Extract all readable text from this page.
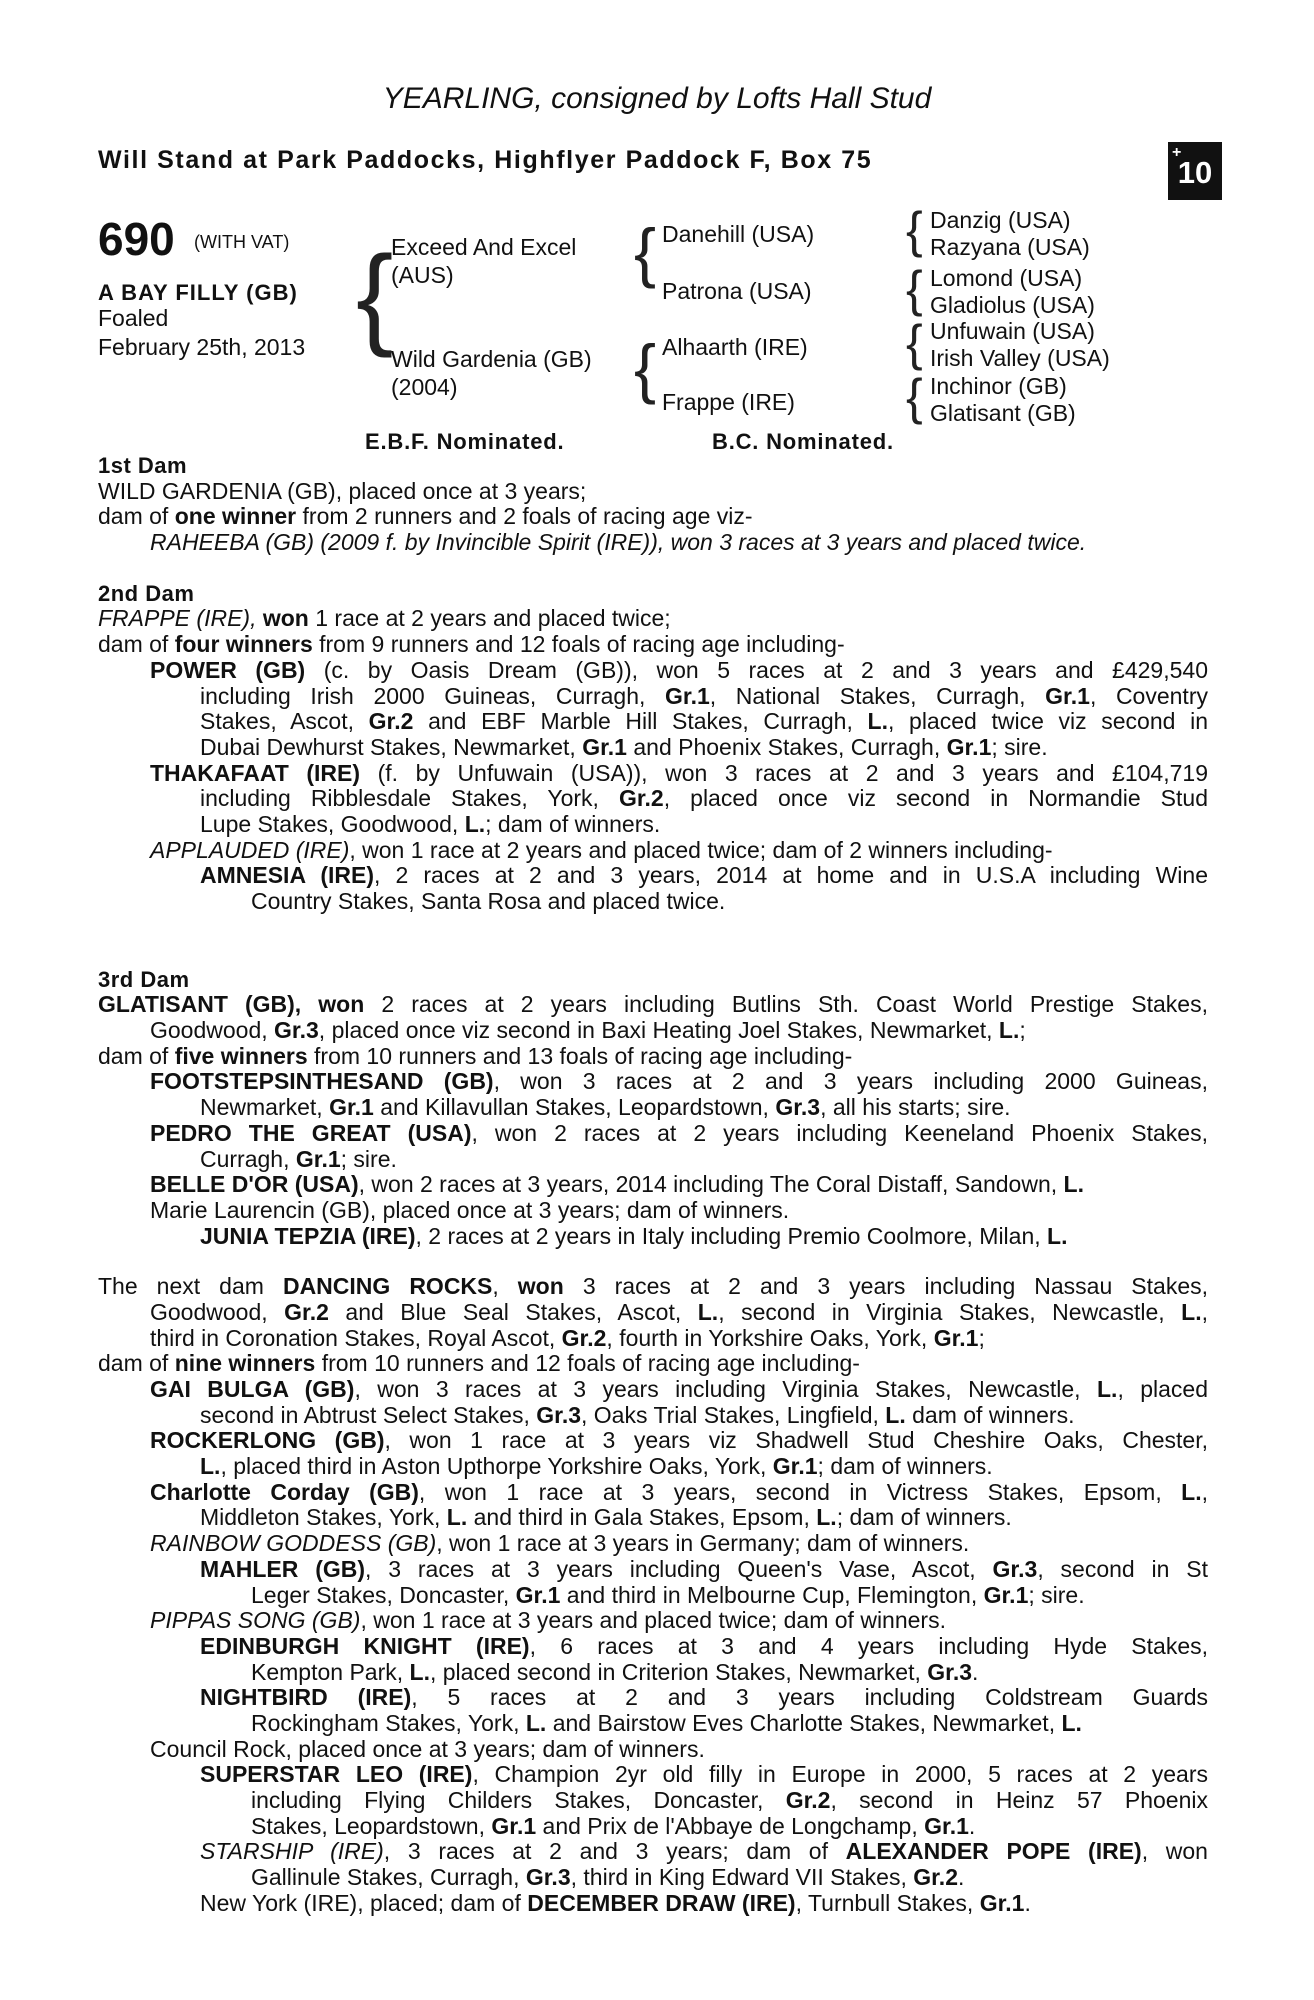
YEARLING, consigned by Lofts Hall Stud
Will Stand at Park Paddocks, Highflyer Paddock F, Box 75	+
10
690 (WITH VAT)
A BAY FILLY (GB)
Foaled
February 25th, 2013 {
Exceed And Excel
(AUS)
Wild Gardenia (GB)
(2004)
{ Danehill (USA)
Patrona (USA)
{ Alhaarth (IRE)
Frappe (IRE)
{ Danzig (USA)
Razyana (USA)
{ Lomond (USA)
Gladiolus (USA)
{ Unfuwain (USA)
Irish Valley (USA)
{ Inchinor (GB)
Glatisant (GB)
E.B.F. Nominated.	B.C. Nominated.
1st Dam
WILD GARDENIA (GB), placed once at 3 years;
dam of one winner from 2 runners and 2 foals of racing age viz-
RAHEEBA (GB) (2009 f. by Invincible Spirit (IRE)), won 3 races at 3 years and placed twice.
2nd Dam
FRAPPE (IRE), won 1 race at 2 years and placed twice;
dam of four winners from 9 runners and 12 foals of racing age including-
POWER (GB) (c. by Oasis Dream (GB)), won 5 races at 2 and 3 years and £429,540
including Irish 2000 Guineas, Curragh, Gr.1, National Stakes, Curragh, Gr.1, Coventry
Stakes, Ascot, Gr.2 and EBF Marble Hill Stakes, Curragh, L., placed twice viz second in
Dubai Dewhurst Stakes, Newmarket, Gr.1 and Phoenix Stakes, Curragh, Gr.1; sire.
THAKAFAAT (IRE) (f. by Unfuwain (USA)), won 3 races at 2 and 3 years and £104,719
including Ribblesdale Stakes, York, Gr.2, placed once viz second in Normandie Stud
Lupe Stakes, Goodwood, L.; dam of winners.
APPLAUDED (IRE), won 1 race at 2 years and placed twice; dam of 2 winners including-
AMNESIA (IRE), 2 races at 2 and 3 years, 2014 at home and in U.S.A including Wine
Country Stakes, Santa Rosa and placed twice.
3rd Dam
GLATISANT (GB), won 2 races at 2 years including Butlins Sth. Coast World Prestige Stakes,
Goodwood, Gr.3, placed once viz second in Baxi Heating Joel Stakes, Newmarket, L.;
dam of five winners from 10 runners and 13 foals of racing age including-
FOOTSTEPSINTHESAND (GB), won 3 races at 2 and 3 years including 2000 Guineas,
Newmarket, Gr.1 and Killavullan Stakes, Leopardstown, Gr.3, all his starts; sire.
PEDRO THE GREAT (USA), won 2 races at 2 years including Keeneland Phoenix Stakes,
Curragh, Gr.1; sire.
BELLE D'OR (USA), won 2 races at 3 years, 2014 including The Coral Distaff, Sandown, L.
Marie Laurencin (GB), placed once at 3 years; dam of winners.
JUNIA TEPZIA (IRE), 2 races at 2 years in Italy including Premio Coolmore, Milan, L.
The next dam DANCING ROCKS, won 3 races at 2 and 3 years including Nassau Stakes,
Goodwood, Gr.2 and Blue Seal Stakes, Ascot, L., second in Virginia Stakes, Newcastle, L.,
third in Coronation Stakes, Royal Ascot, Gr.2, fourth in Yorkshire Oaks, York, Gr.1;
dam of nine winners from 10 runners and 12 foals of racing age including-
GAI BULGA (GB), won 3 races at 3 years including Virginia Stakes, Newcastle, L., placed
second in Abtrust Select Stakes, Gr.3, Oaks Trial Stakes, Lingfield, L. dam of winners.
ROCKERLONG (GB), won 1 race at 3 years viz Shadwell Stud Cheshire Oaks, Chester,
L., placed third in Aston Upthorpe Yorkshire Oaks, York, Gr.1; dam of winners.
Charlotte Corday (GB), won 1 race at 3 years, second in Victress Stakes, Epsom, L.,
Middleton Stakes, York, L. and third in Gala Stakes, Epsom, L.; dam of winners.
RAINBOW GODDESS (GB), won 1 race at 3 years in Germany; dam of winners.
MAHLER (GB), 3 races at 3 years including Queen's Vase, Ascot, Gr.3, second in St
Leger Stakes, Doncaster, Gr.1 and third in Melbourne Cup, Flemington, Gr.1; sire.
PIPPAS SONG (GB), won 1 race at 3 years and placed twice; dam of winners.
EDINBURGH KNIGHT (IRE), 6 races at 3 and 4 years including Hyde Stakes,
Kempton Park, L., placed second in Criterion Stakes, Newmarket, Gr.3.
NIGHTBIRD (IRE), 5 races at 2 and 3 years including Coldstream Guards
Rockingham Stakes, York, L. and Bairstow Eves Charlotte Stakes, Newmarket, L.
Council Rock, placed once at 3 years; dam of winners.
SUPERSTAR LEO (IRE), Champion 2yr old filly in Europe in 2000, 5 races at 2 years
including Flying Childers Stakes, Doncaster, Gr.2, second in Heinz 57 Phoenix
Stakes, Leopardstown, Gr.1 and Prix de l'Abbaye de Longchamp, Gr.1.
STARSHIP (IRE), 3 races at 2 and 3 years; dam of ALEXANDER POPE (IRE), won
Gallinule Stakes, Curragh, Gr.3, third in King Edward VII Stakes, Gr.2.
New York (IRE), placed; dam of DECEMBER DRAW (IRE), Turnbull Stakes, Gr.1.
